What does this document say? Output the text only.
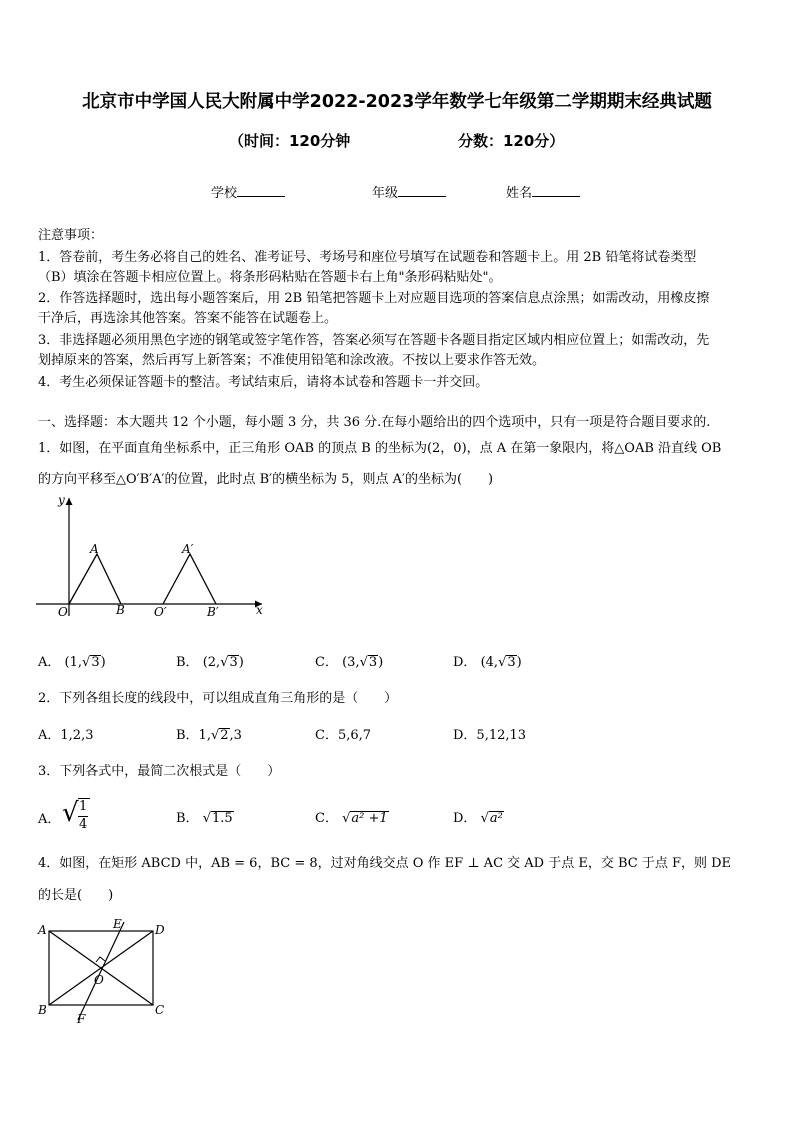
北京市中学国人民大附属中学2022-2023学年数学七年级第二学期期末经典试题
（时间：120分钟	分数：120分）
学校	年级	姓名
注意事项：
1．答卷前，考生务必将自己的姓名、准考证号、考场号和座位号填写在试题卷和答题卡上。用 2B 铅笔将试卷类型
（B）填涂在答题卡相应位置上。将条形码粘贴在答题卡右上角"条形码粘贴处"。
2．作答选择题时，选出每小题答案后，用 2B 铅笔把答题卡上对应题目选项的答案信息点涂黑；如需改动，用橡皮擦
干净后，再选涂其他答案。答案不能答在试题卷上。
3．非选择题必须用黑色字迹的钢笔或签字笔作答，答案必须写在答题卡各题目指定区域内相应位置上；如需改动，先
划掉原来的答案，然后再写上新答案；不准使用铅笔和涂改液。不按以上要求作答无效。
4．考生必须保证答题卡的整洁。考试结束后，请将本试卷和答题卡一并交回。
一、选择题：本大题共 12 个小题，每小题 3 分，共 36 分.在每小题给出的四个选项中，只有一项是符合题目要求的.
1．如图，在平面直角坐标系中，正三角形 OAB 的顶点 B 的坐标为(2，0)，点 A 在第一象限内，将△OAB 沿直线 OB
的方向平移至△O′B′A′的位置，此时点 B′的横坐标为 5，则点 A′的坐标为(　　)
y
x
O
A
B O′
A′
B′
A． (1,√3)	B． (2,√3)	C． (3,√3)	D． (4,√3)
2．下列各组长度的线段中，可以组成直角三角形的是（　　）
A．1,2,3	B．1,√2,3	C．5,6,7	D．5,12,13
3．下列各式中，最简二次根式是（　　）
A． √ 1
4	B． √1.5	C． √a² +1	D． √a²
4．如图，在矩形 ABCD 中，AB = 6，BC = 8，过对角线交点 O 作 EF ⊥ AC 交 AD 于点 E，交 BC 于点 F，则 DE
的长是(　　)
A
B	C
D
E
F
O
